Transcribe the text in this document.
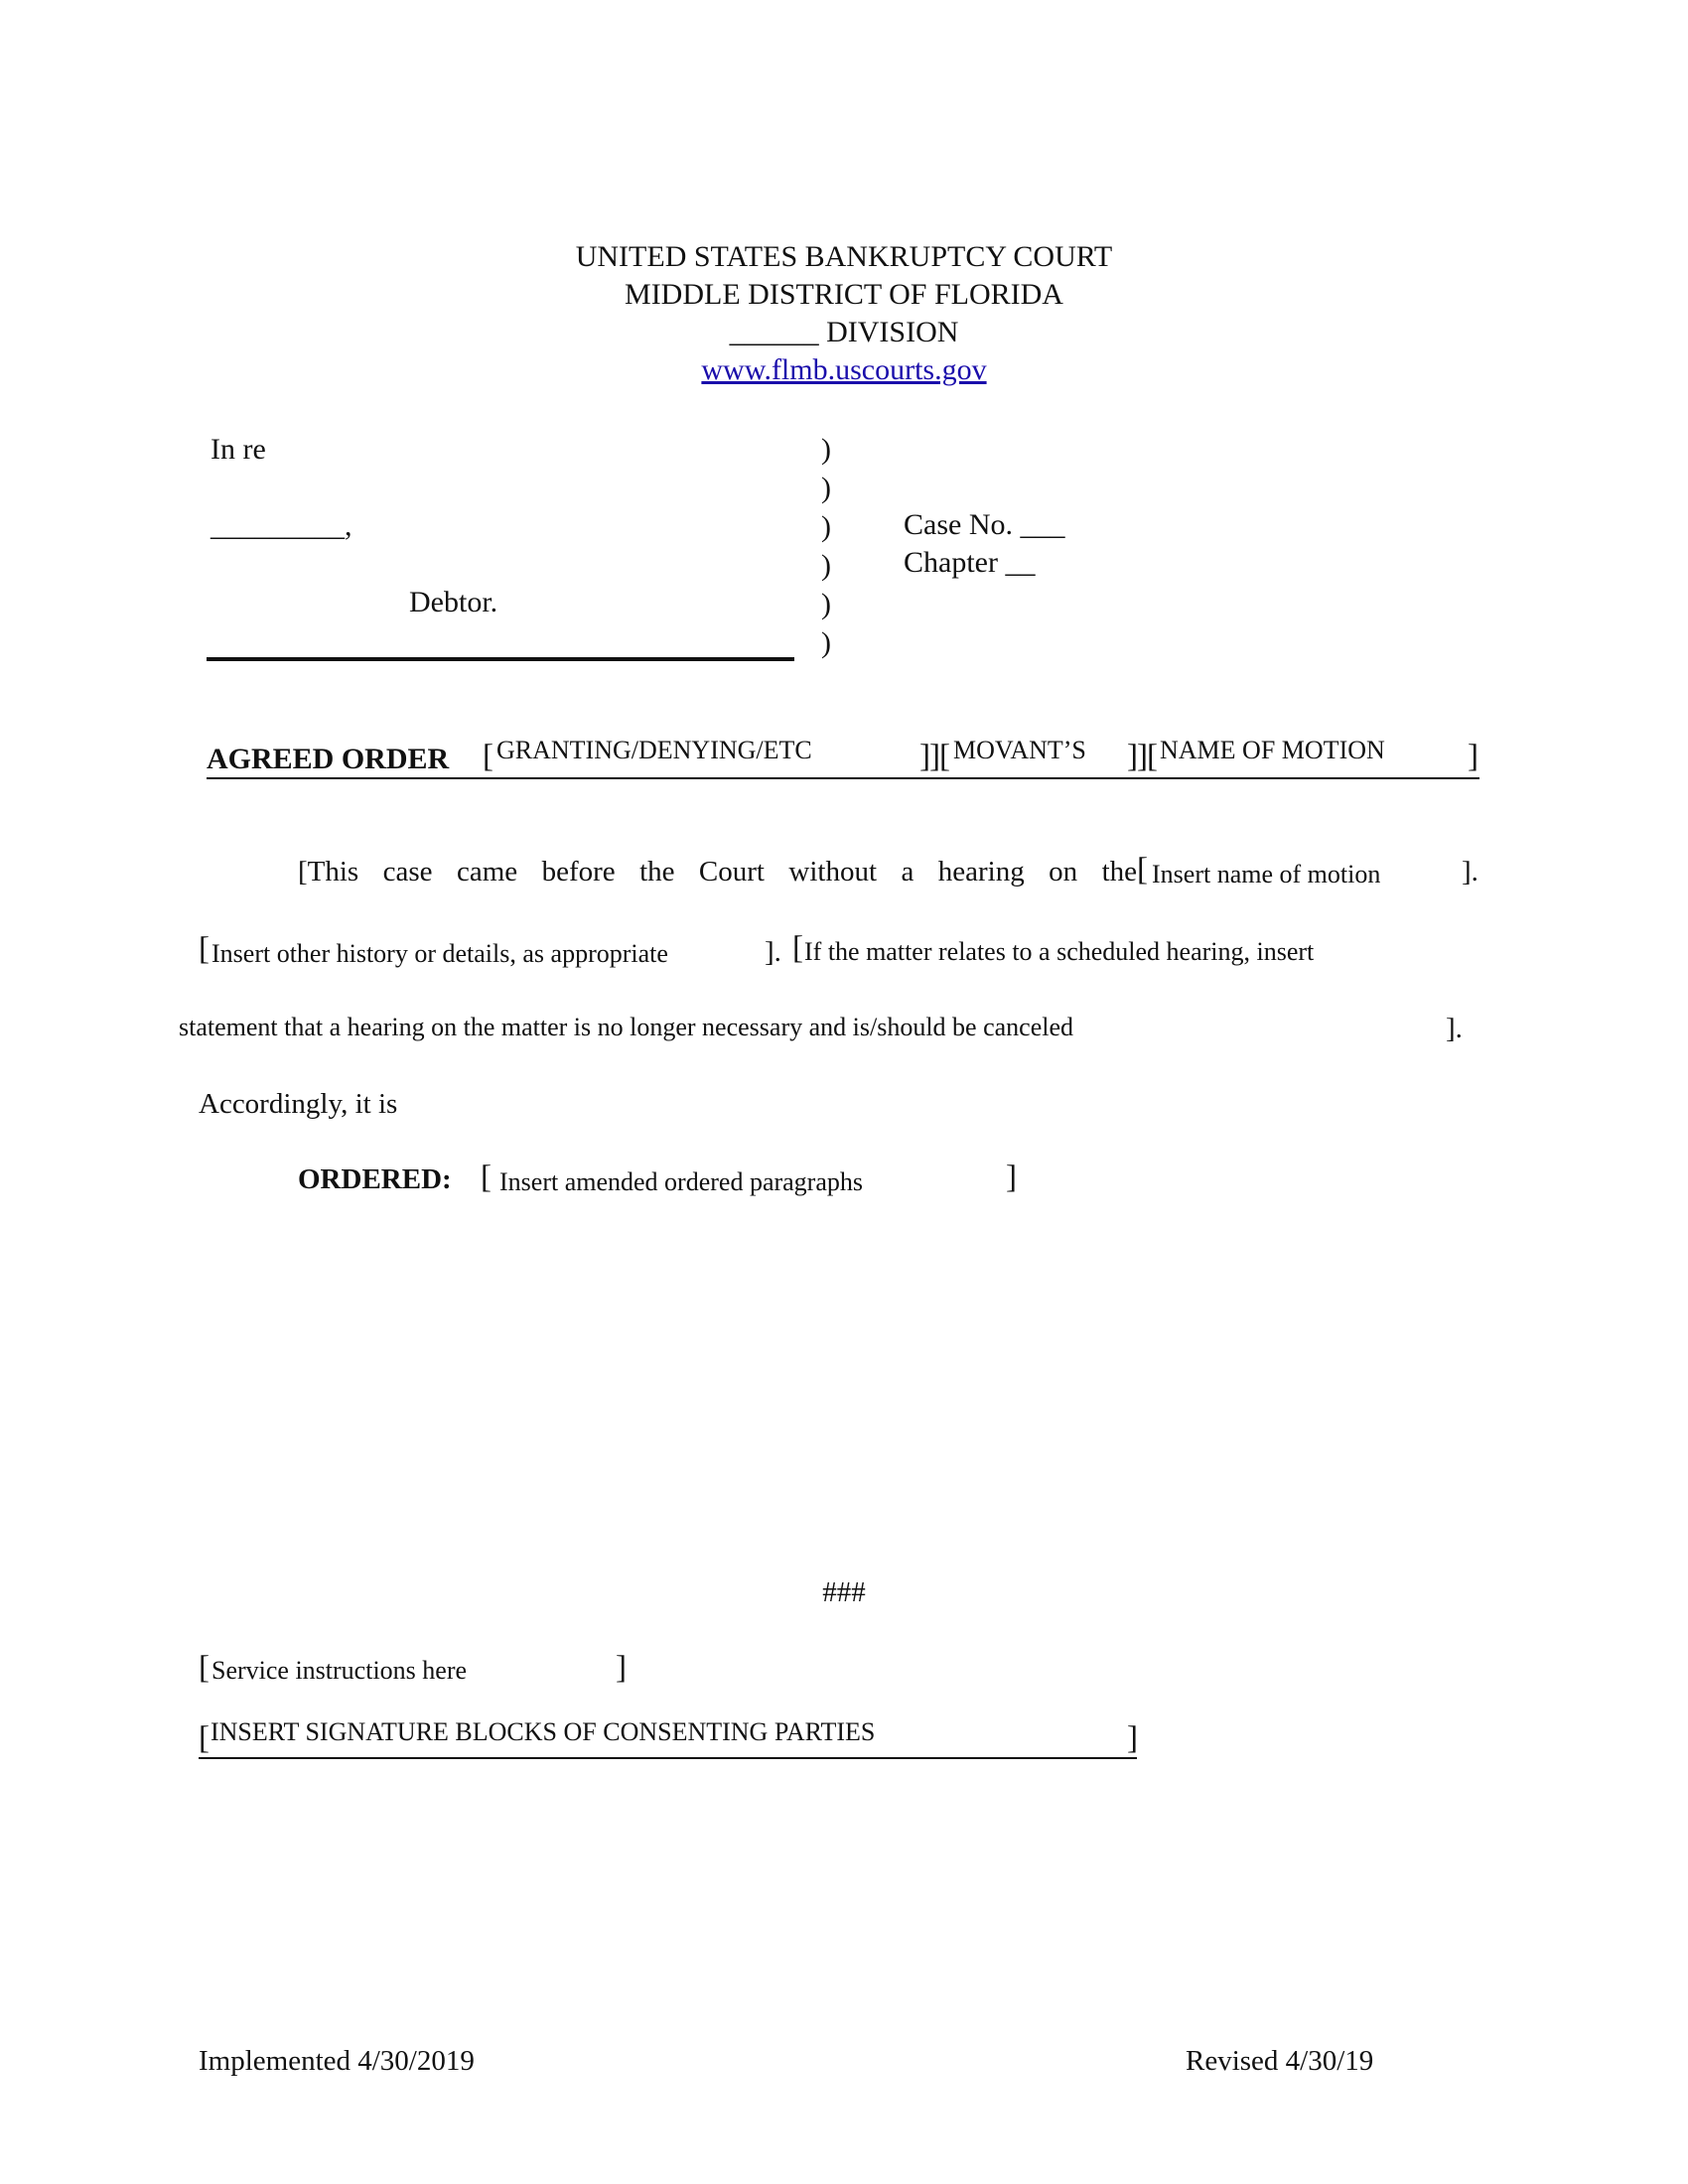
UNITED STATES BANKRUPTCY COURT
MIDDLE DISTRICT OF FLORIDA
______ DIVISION
www.flmb.uscourts.gov
In re
_________,
Debtor.
)
)
)
)
)
)
Case No. ___
Chapter __
AGREED ORDER [ GRANTING/DENYING/ETC	] ] [ MOVANT’S ] ] [ NAME OF MOTION	]
[This case came before the Court without a hearing on the [ Insert name of motion	].
[ Insert other history or details, as appropriate	]. [ If the matter relates to a scheduled hearing, insert
statement that a hearing on the matter is no longer necessary and is/should be canceled	].
Accordingly, it is
ORDERED: [ Insert amended ordered paragraphs	]
###
[ Service instructions here	]
[ INSERT SIGNATURE BLOCKS OF CONSENTING PARTIES	]
Implemented 4/30/2019	Revised 4/30/19
